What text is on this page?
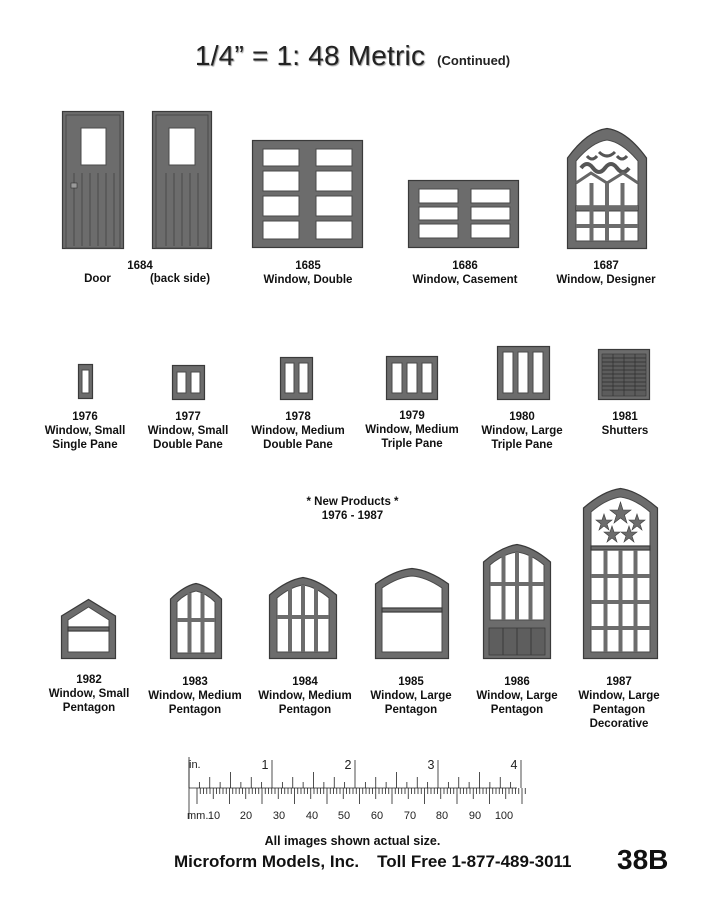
1/4” = 1: 48 Metric (Continued)
1684
Door	(back side)
1685
Window, Double
1686
Window, Casement
1687
Window, Designer
1976
Window, Small
Single Pane
1977
Window, Small
Double Pane
1978
Window, Medium
Double Pane
1979
Window, Medium
Triple Pane
1980
Window, Large
Triple Pane
1981
Shutters
* New Products *
1976 - 1987
1982
Window, Small
Pentagon
1983
Window, Medium
Pentagon
1984
Window, Medium
Pentagon
1985
Window, Large
Pentagon
1986
Window, Large
Pentagon
1987
Window, Large
Pentagon
Decorative
in.	1	2	3	4
mm. 10 20 30 40 50 60 70 80 90 100
All images shown actual size.
Microform Models, Inc. Toll Free 1-877-489-3011	38B
